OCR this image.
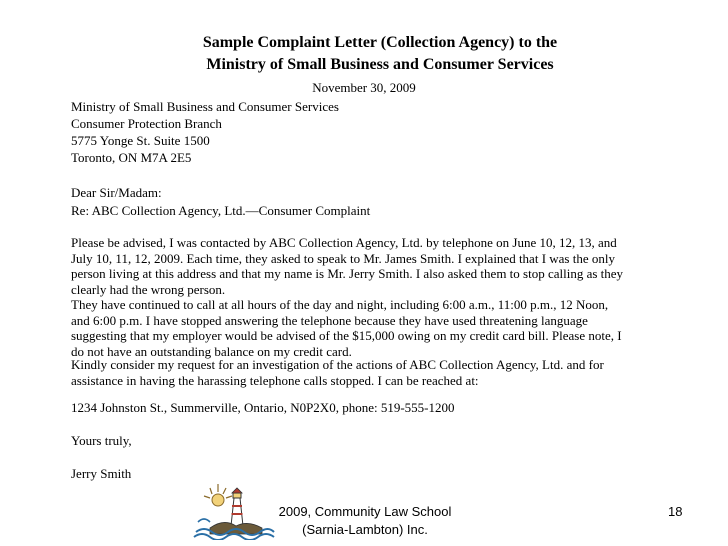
Sample Complaint Letter (Collection Agency) to the
Ministry of Small Business and Consumer Services
November 30, 2009
Ministry of Small Business and Consumer Services
Consumer Protection Branch
5775 Yonge St. Suite 1500
Toronto, ON M7A 2E5
Dear Sir/Madam:
Re: ABC Collection Agency, Ltd.—Consumer Complaint
Please be advised, I was contacted by ABC Collection Agency, Ltd. by telephone on June 10, 12, 13, and
July 10, 11, 12, 2009. Each time, they asked to speak to Mr. James Smith. I explained that I was the only
person living at this address and that my name is Mr. Jerry Smith. I also asked them to stop calling as they
clearly had the wrong person.
They have continued to call at all hours of the day and night, including 6:00 a.m., 11:00 p.m., 12 Noon,
and 6:00 p.m. I have stopped answering the telephone because they have used threatening language
suggesting that my employer would be advised of the $15,000 owing on my credit card bill. Please note, I
do not have an outstanding balance on my credit card.
Kindly consider my request for an investigation of the actions of ABC Collection Agency, Ltd. and for
assistance in having the harassing telephone calls stopped. I can be reached at:
1234 Johnston St., Summerville, Ontario, N0P2X0, phone: 519-555-1200
Yours truly,
Jerry Smith
2009, Community Law School
(Sarnia-Lambton) Inc.
18
